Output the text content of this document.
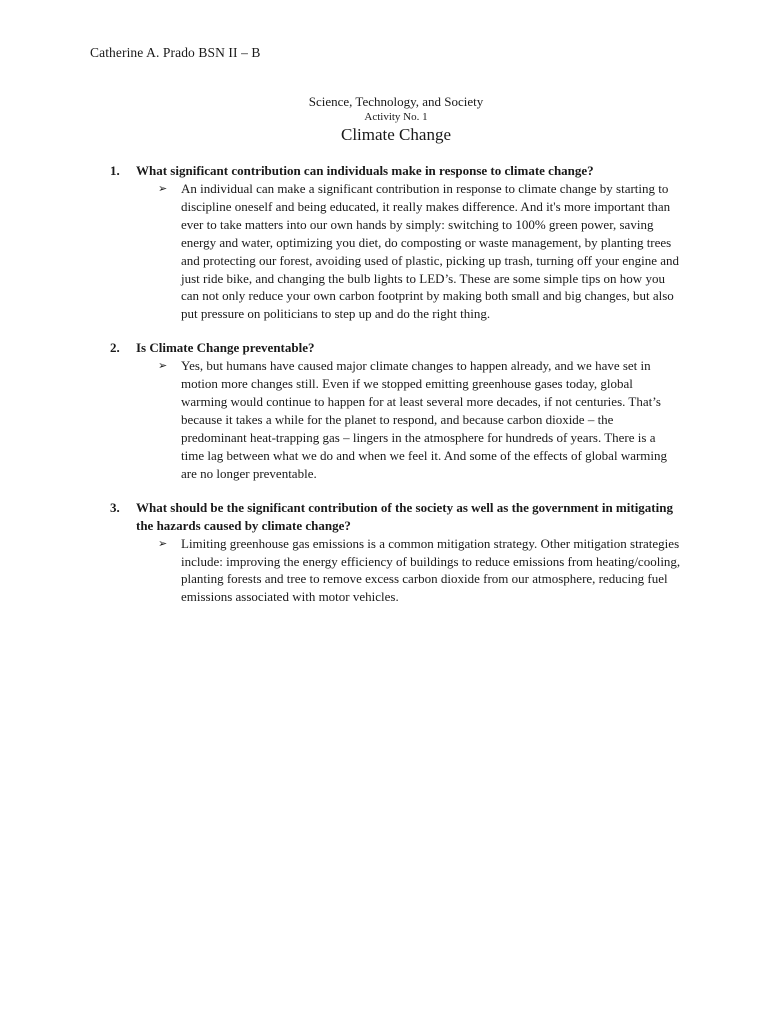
Catherine A. Prado BSN II – B
Science, Technology, and Society
Activity No. 1
Climate Change
1. What significant contribution can individuals make in response to climate change?
➢ An individual can make a significant contribution in response to climate change by starting to discipline oneself and being educated, it really makes difference. And it's more important than ever to take matters into our own hands by simply: switching to 100% green power, saving energy and water, optimizing you diet, do composting or waste management, by planting trees and protecting our forest, avoiding used of plastic, picking up trash, turning off your engine and just ride bike, and changing the bulb lights to LED’s. These are some simple tips on how you can not only reduce your own carbon footprint by making both small and big changes, but also put pressure on politicians to step up and do the right thing.
2. Is Climate Change preventable?
➢ Yes, but humans have caused major climate changes to happen already, and we have set in motion more changes still. Even if we stopped emitting greenhouse gases today, global warming would continue to happen for at least several more decades, if not centuries. That’s because it takes a while for the planet to respond, and because carbon dioxide – the predominant heat-trapping gas – lingers in the atmosphere for hundreds of years. There is a time lag between what we do and when we feel it. And some of the effects of global warming are no longer preventable.
3. What should be the significant contribution of the society as well as the government in mitigating the hazards caused by climate change?
➢ Limiting greenhouse gas emissions is a common mitigation strategy. Other mitigation strategies include: improving the energy efficiency of buildings to reduce emissions from heating/cooling, planting forests and tree to remove excess carbon dioxide from our atmosphere, reducing fuel emissions associated with motor vehicles.
